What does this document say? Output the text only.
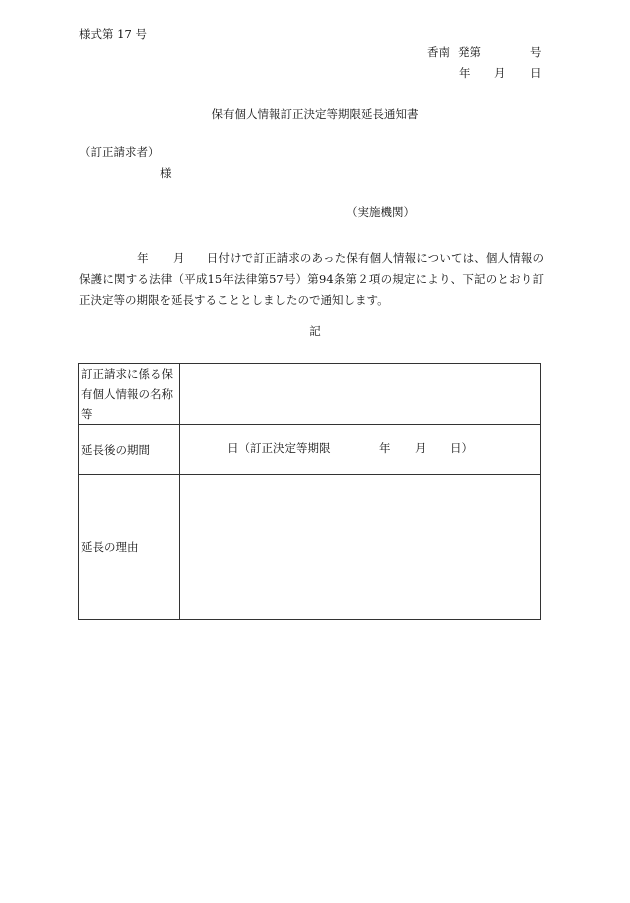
様式第 17 号
香南 発第	号
年 月 日
保有個人情報訂正決定等期限延長通知書
（訂正請求者）
様
（実施機関）
年 月 日付けで訂正請求のあった保有個人情報については、個人情報の保護に関する法律（平成15年法律第57号）第94条第２項の規定により、下記のとおり訂正決定等の期限を延長することとしましたので通知します。
記
訂正請求に係る保有個人情報の名称等	
延長後の期間	日（訂正決定等期限 年 月 日）

延長の理由	
